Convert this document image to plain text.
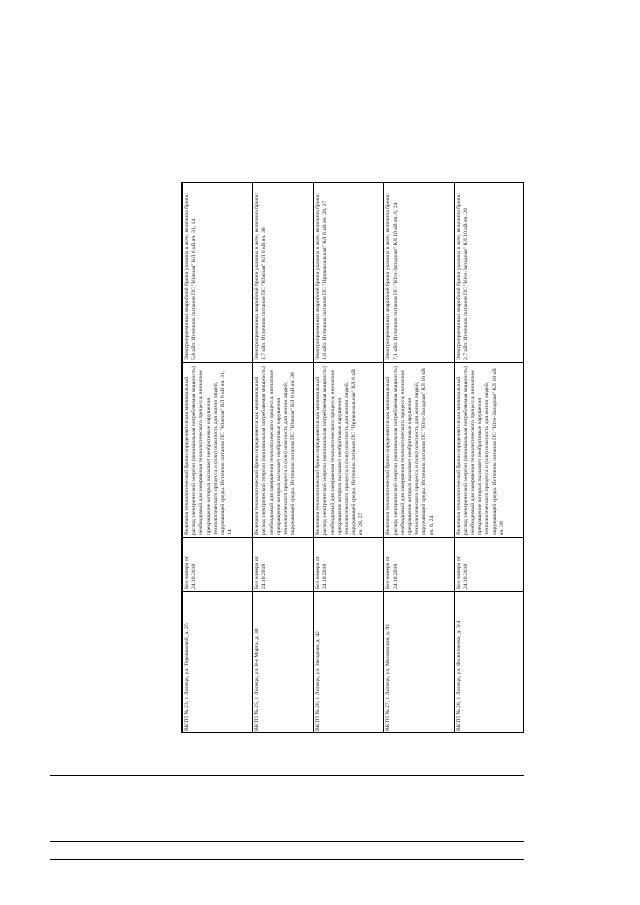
ВКТП № 23, г. Липецк, ул. Терешковой, д. 25	Без номера от 24.10.2018	Величина технологической брони определяется как минимальный расход электрической энергии (минимальная потребляемая мощность) необходимый для завершения технологического процесса, внезапное прекращение которых вызывает необратимые нарушения технологического процесса и (или) опасность для жизни людей, окружающей среды. Источник питания ПС "Южная" КЛ 6 кВ яч. 31, 14	Электроприемники аварийной брони указаны в акте, величина брони: 5,8 кВт. Источник питания ПС "Южная" КЛ 6 кВ яч. 31, 14
ВКТП № 25, г. Липецк, ул. 8-е Марта, д. 30	Без номера от 24.10.2018	Величина технологической брони определяется как минимальный расход электрической энергии (минимальная потребляемая мощность) необходимый для завершения технологического процесса, внезапное прекращение которых вызывает необратимые нарушения технологического процесса и (или) опасность для жизни людей, окружающей среды. Источник питания ПС "Южная" КЛ 6 кВ яч. 38	Электроприемники аварийной брони указаны в акте, величина брони: 1,7 кВт. Источник питания ПС "Южная" КЛ 6 кВ яч. 38
ВКТП № 26, г. Липецк, ул. Звездная, д. 42	Без номера от 24.10.2018	Величина технологической брони определяется как минимальный расход электрической энергии (минимальная потребляемая мощность) необходимый для завершения технологического процесса, внезапное прекращение которых вызывает необратимые нарушения технологического процесса и (или) опасность для жизни людей, окружающей среды. Источник питания ПС "Привокзальная" КЛ 6 кВ яч. 28, 27	Электроприемники аварийной брони указаны в акте, величина брони: 1,0 кВт. Источник питания ПС "Привокзальная" КЛ 6 кВ яч. 28, 27
ВКТП № 27, г. Липецк, ул. Московская, д. 91	Без номера от 24.10.2018	Величина технологической брони определяется как минимальный расход электрической энергии (минимальная потребляемая мощность) необходимый для завершения технологического процесса, внезапное прекращение которых вызывает необратимые нарушения технологического процесса и (или) опасность для жизни людей, окружающей среды. Источник питания ПС "Юго-Западная" КЛ 10 кВ яч. 6, 24	Электроприемники аварийной брони указаны в акте, величина брони: 7,1 кВт. Источник питания ПС "Юго-Западная" КЛ 10 кВ яч. 6, 24
ВКТП № 28, г. Липецк, ул. Филипченко, д. 3/4	Без номера от 24.10.2018	Величина технологической брони определяется как минимальный расход электрической энергии (минимальная потребляемая мощность) необходимый для завершения технологического процесса, внезапное прекращение которых вызывает необратимые нарушения технологического процесса и (или) опасность для жизни людей, окружающей среды. Источник питания ПС "Юго-Западная" КЛ 10 кВ яч. 28	Электроприемники аварийной брони указаны в акте, величина брони: 2,7 кВт. Источник питания ПС "Юго-Западная" КЛ 10 кВ яч. 28
